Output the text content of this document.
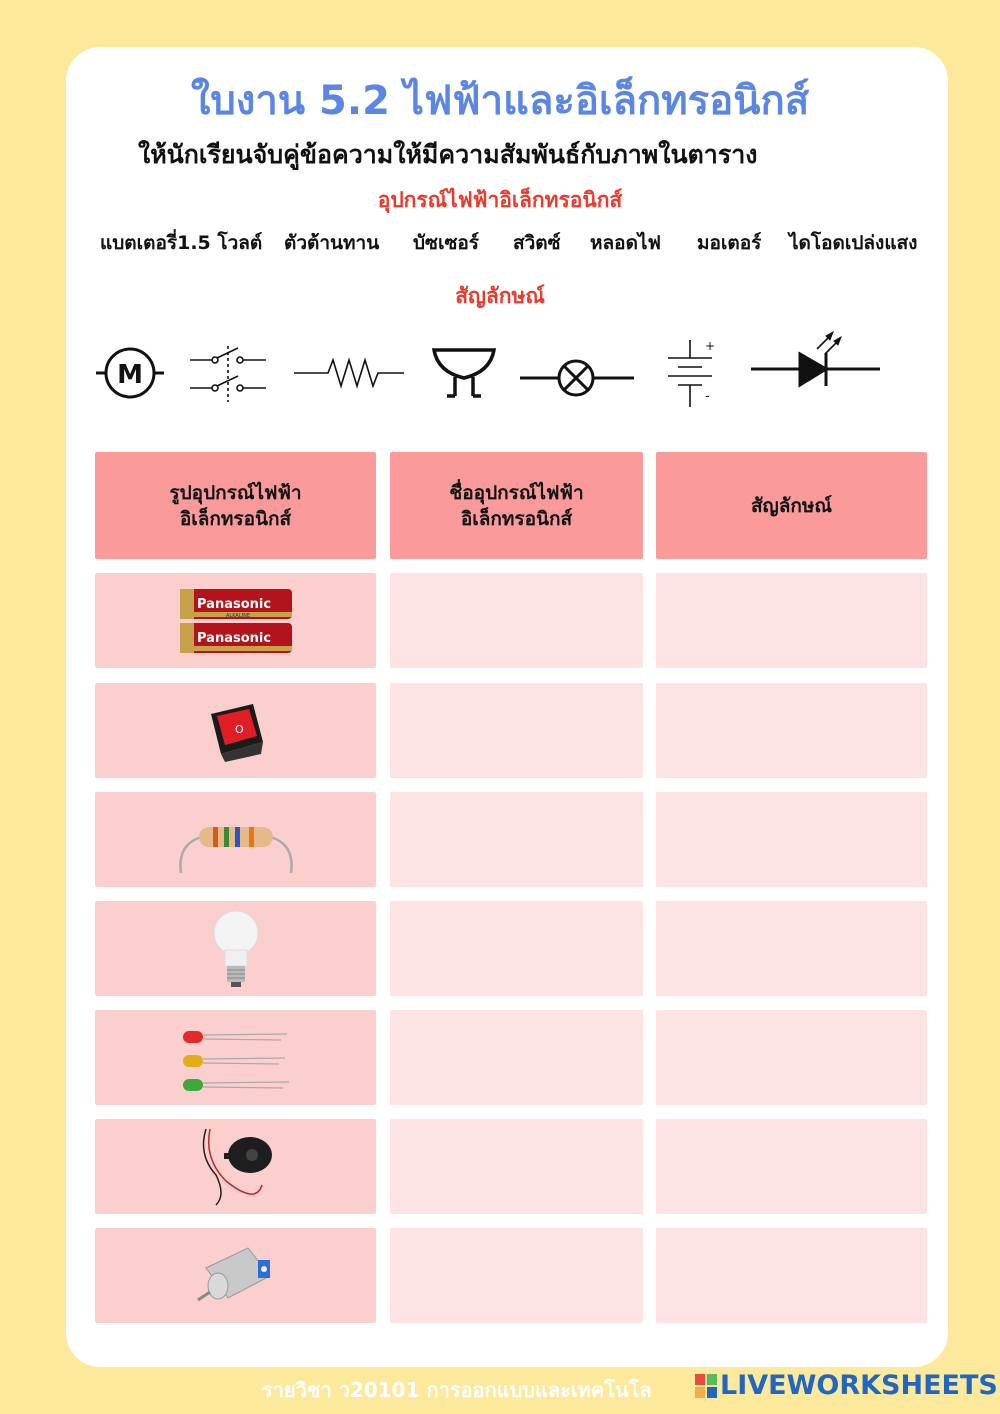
ใบงาน 5.2 ไฟฟ้าและอิเล็กทรอนิกส์
ให้นักเรียนจับคู่ข้อความให้มีความสัมพันธ์กับภาพในตาราง
อุปกรณ์ไฟฟ้าอิเล็กทรอนิกส์
แบตเตอรี่1.5 โวลต์ ตัวต้านทาน บัซเซอร์ สวิตซ์ หลอดไฟ มอเตอร์ ไดโอดเปล่งแสง
สัญลักษณ์
M
+
-
รูปอุปกรณ์ไฟฟ้า
อิเล็กทรอนิกส์
ชื่ออุปกรณ์ไฟฟ้า
อิเล็กทรอนิกส์
สัญลักษณ์
Panasonic
Panasonic
ALKALINE
O
รายวิชา ว20101 การออกแบบและเทคโนโล	LIVEWORKSHEETS
